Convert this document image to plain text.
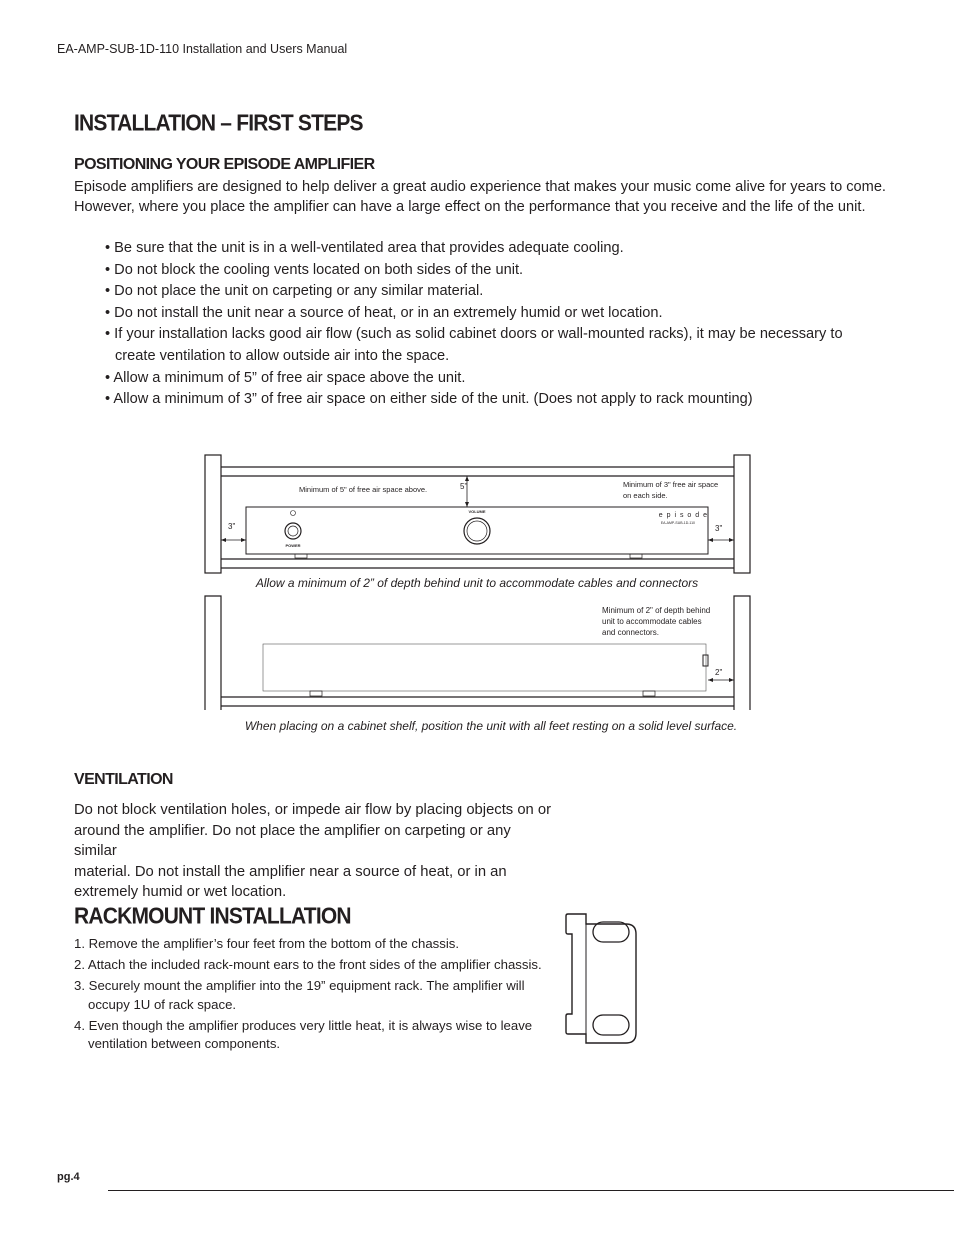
EA-AMP-SUB-1D-110 Installation and Users Manual
INSTALLATION – FIRST STEPS
POSITIONING YOUR EPISODE AMPLIFIER
Episode amplifiers are designed to help deliver a great audio experience that makes your music come alive for years to come.
However, where you place the amplifier can have a large effect on the performance that you receive and the life of the unit.
• Be sure that the unit is in a well-ventilated area that provides adequate cooling.
• Do not block the cooling vents located on both sides of the unit.
• Do not place the unit on carpeting or any similar material.
• Do not install the unit near a source of heat, or in an extremely humid or wet location.
• If your installation lacks good air flow (such as solid cabinet doors or wall-mounted racks), it may be necessary to
create ventilation to allow outside air into the space.
• Allow a minimum of 5” of free air space above the unit.
• Allow a minimum of 3” of free air space on either side of the unit. (Does not apply to rack mounting)
POWER
VOLUME
e p i s o d e
EA-AMP-SUB-1D-110
5"
Minimum of 5" of free air space above.
Minimum of 3" free air space
on each side.
3"	3"
Allow a minimum of 2” of depth behind unit to accommodate cables and connectors
2"
Minimum of 2" of depth behind
unit to accommodate cables
and connectors.
When placing on a cabinet shelf, position the unit with all feet resting on a solid level surface.
VENTILATION
Do not block ventilation holes, or impede air flow by placing objects on or
around the amplifier. Do not place the amplifier on carpeting or any similar
material. Do not install the amplifier near a source of heat, or in an
extremely humid or wet location.
RACKMOUNT INSTALLATION
1. Remove the amplifier’s four feet from the bottom of the chassis.
2. Attach the included rack-mount ears to the front sides of the amplifier chassis.
3. Securely mount the amplifier into the 19” equipment rack. The amplifier will
occupy 1U of rack space.
4. Even though the amplifier produces very little heat, it is always wise to leave
ventilation between components.
pg.4
